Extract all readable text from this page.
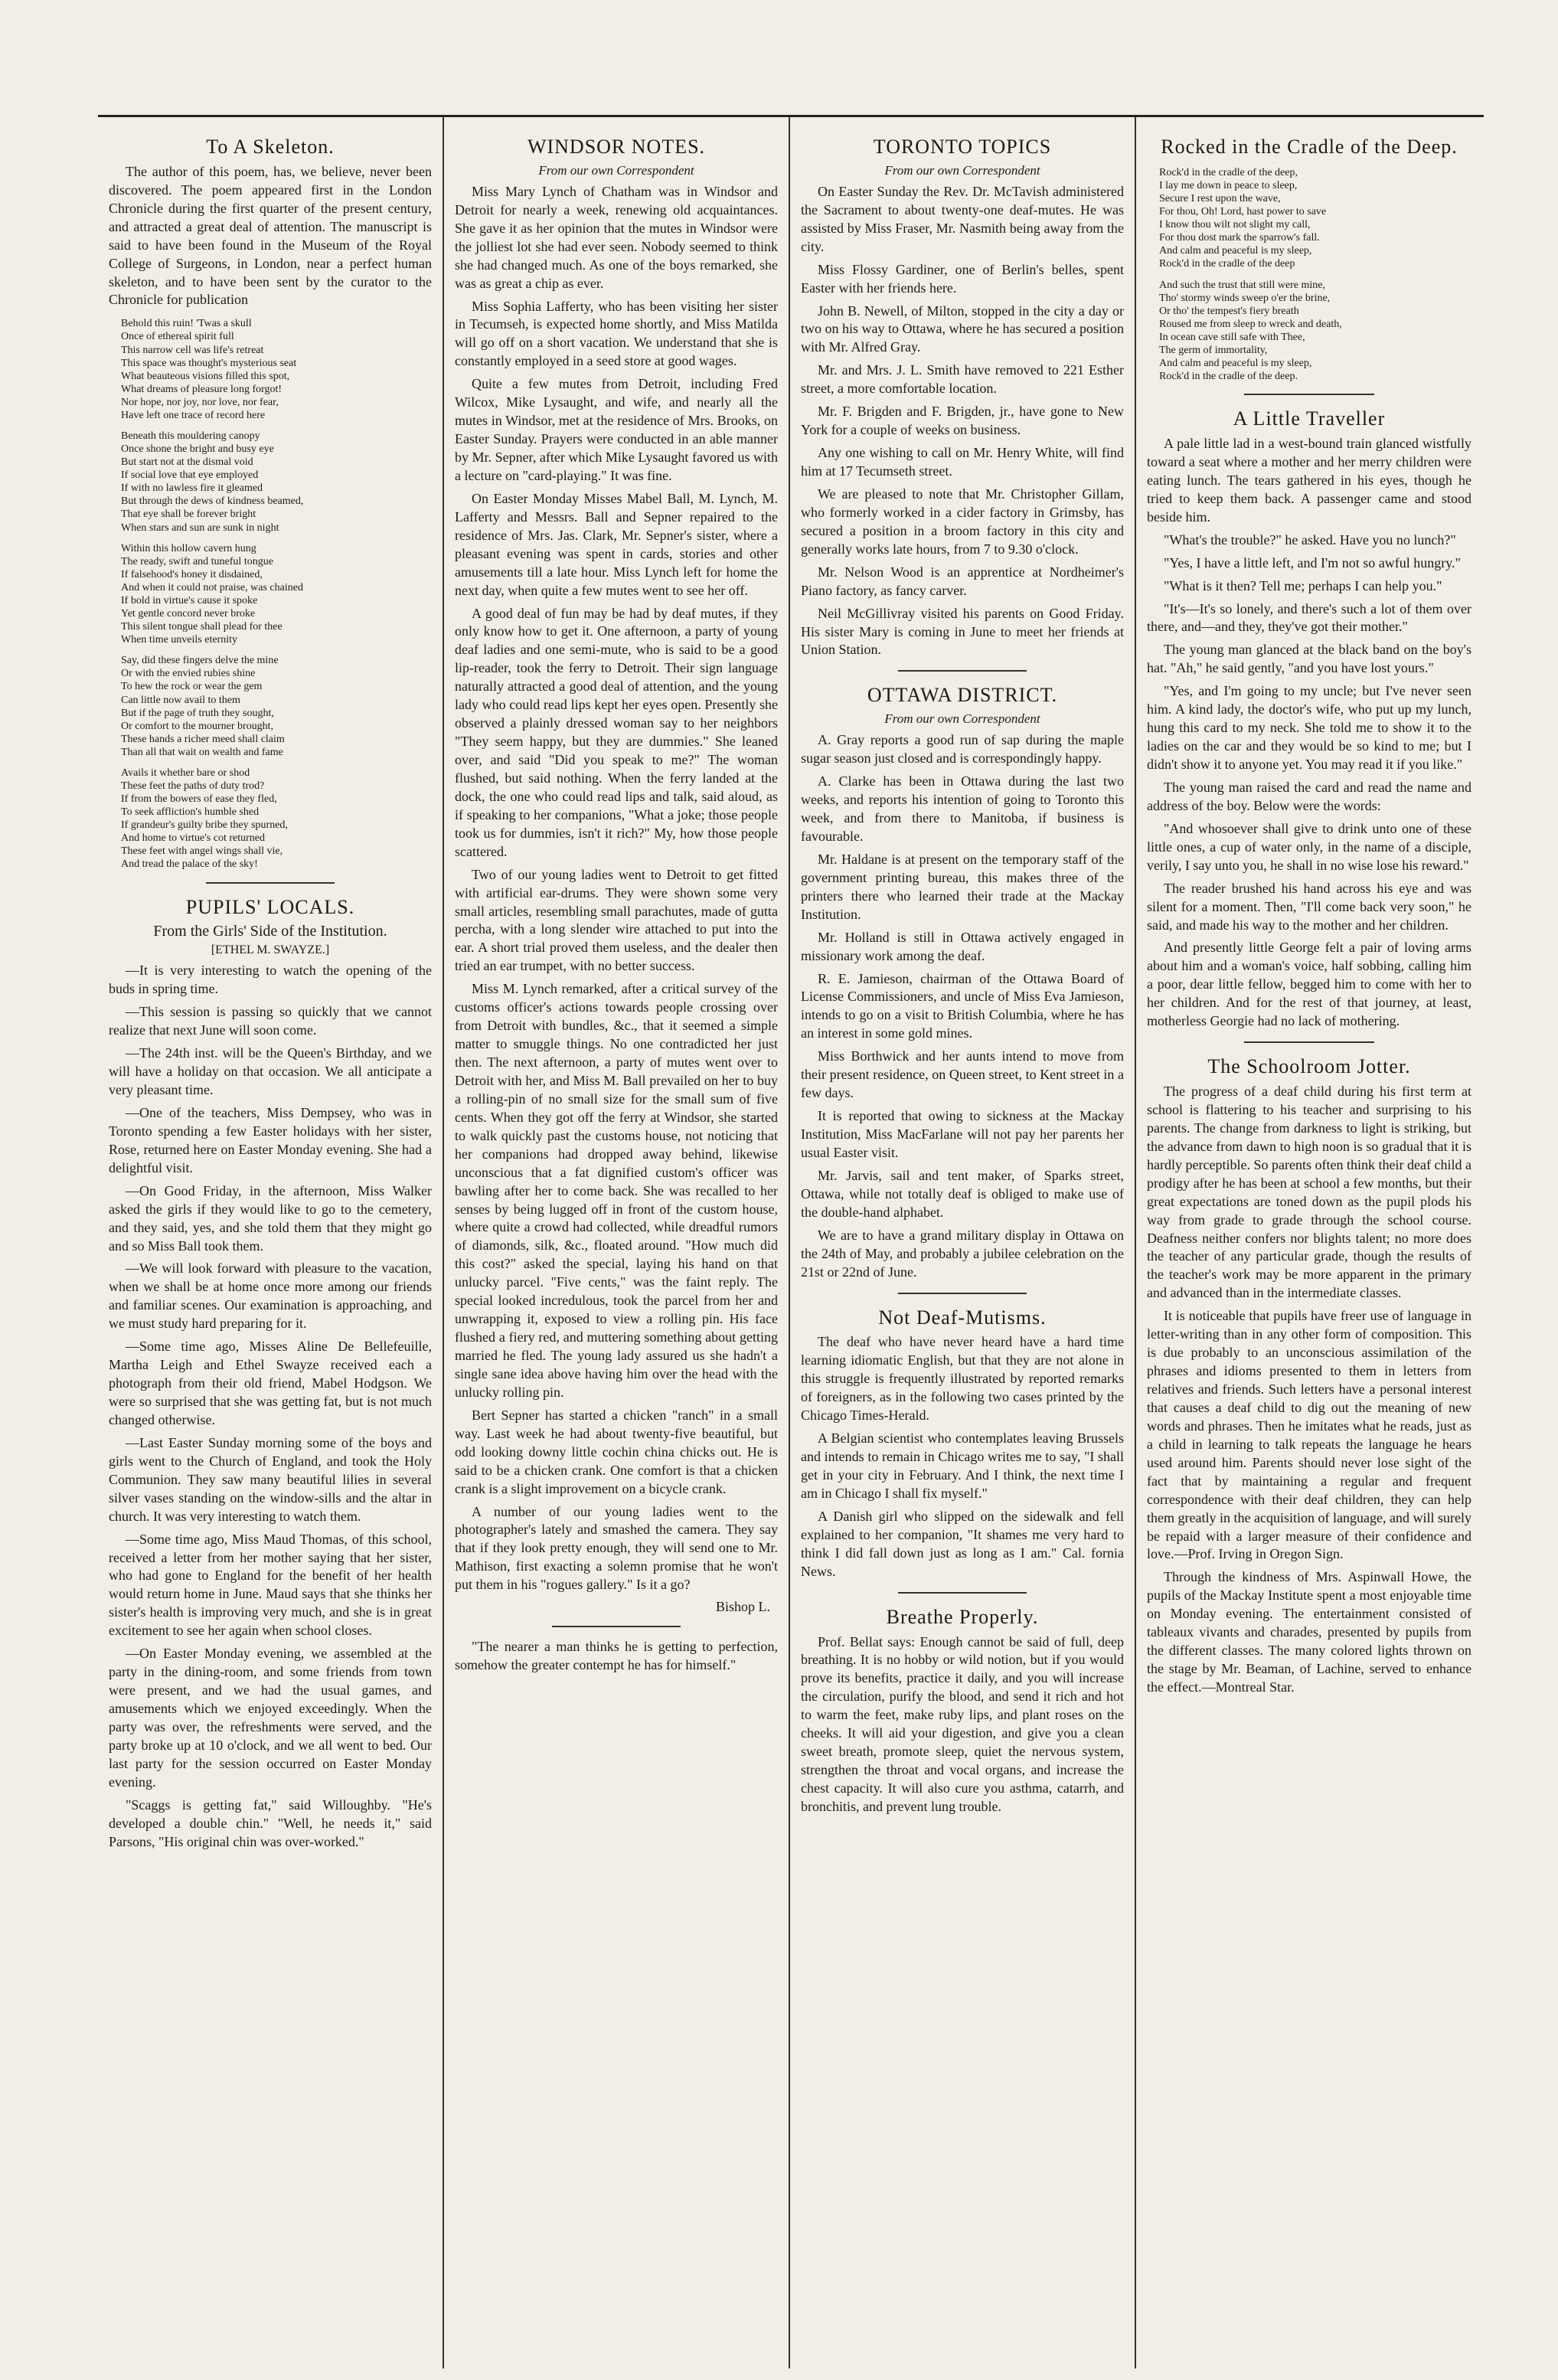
To A Skeleton.

The author of this poem, has, we believe, never been discovered. The poem appeared first in the London Chronicle during the first quarter of the present century, and attracted a great deal of attention. The manuscript is said to have been found in the Museum of the Royal College of Surgeons, in London, near a perfect human skeleton, and to have been sent by the curator to the Chronicle for publication

Behold this ruin! 'Twas a skull
Once of ethereal spirit full
This narrow cell was life's retreat
This space was thought's mysterious seat
What beauteous visions filled this spot,
What dreams of pleasure long forgot!
Nor hope, nor joy, nor love, nor fear,
Have left one trace of record here
Beneath this mouldering canopy
Once shone the bright and busy eye
But start not at the dismal void
If social love that eye employed
If with no lawless fire it gleamed
But through the dews of kindness beamed,
That eye shall be forever bright
When stars and sun are sunk in night
Within this hollow cavern hung
The ready, swift and tuneful tongue
If falsehood's honey it disdained,
And when it could not praise, was chained
If bold in virtue's cause it spoke
Yet gentle concord never broke
This silent tongue shall plead for thee
When time unveils eternity
Say, did these fingers delve the mine
Or with the envied rubies shine
To hew the rock or wear the gem
Can little now avail to them
But if the page of truth they sought,
Or comfort to the mourner brought,
These hands a richer meed shall claim
Than all that wait on wealth and fame
Avails it whether bare or shod
These feet the paths of duty trod?
If from the bowers of ease they fled,
To seek affliction's humble shed
If grandeur's guilty bribe they spurned,
And home to virtue's cot returned
These feet with angel wings shall vie,
And tread the palace of the sky!
PUPILS' LOCALS.
From the Girls' Side of the Institution.
[ETHEL M. SWAYZE.]

—It is very interesting to watch the opening of the buds in spring time.

—This session is passing so quickly that we cannot realize that next June will soon come.

—The 24th inst. will be the Queen's Birthday, and we will have a holiday on that occasion. We all anticipate a very pleasant time.

—One of the teachers, Miss Dempsey, who was in Toronto spending a few Easter holidays with her sister, Rose, returned here on Easter Monday evening. She had a delightful visit.

—On Good Friday, in the afternoon, Miss Walker asked the girls if they would like to go to the cemetery, and they said, yes, and she told them that they might go and so Miss Ball took them.

—We will look forward with pleasure to the vacation, when we shall be at home once more among our friends and familiar scenes. Our examination is approaching, and we must study hard preparing for it.

—Some time ago, Misses Aline De Bellefeuille, Martha Leigh and Ethel Swayze received each a photograph from their old friend, Mabel Hodgson. We were so surprised that she was getting fat, but is not much changed otherwise.

—Last Easter Sunday morning some of the boys and girls went to the Church of England, and took the Holy Communion. They saw many beautiful lilies in several silver vases standing on the window-sills and the altar in church. It was very interesting to watch them.

—Some time ago, Miss Maud Thomas, of this school, received a letter from her mother saying that her sister, who had gone to England for the benefit of her health would return home in June. Maud says that she thinks her sister's health is improving very much, and she is in great excitement to see her again when school closes.

—On Easter Monday evening, we assembled at the party in the dining-room, and some friends from town were present, and we had the usual games, and amusements which we enjoyed exceedingly. When the party was over, the refreshments were served, and the party broke up at 10 o'clock, and we all went to bed. Our last party for the session occurred on Easter Monday evening.

"Scaggs is getting fat," said Willoughby. "He's developed a double chin." "Well, he needs it," said Parsons, "His original chin was over-worked."

WINDSOR NOTES.
From our own Correspondent

Miss Mary Lynch of Chatham was in Windsor and Detroit for nearly a week, renewing old acquaintances. She gave it as her opinion that the mutes in Windsor were the jolliest lot she had ever seen. Nobody seemed to think she had changed much. As one of the boys remarked, she was as great a chip as ever.

Miss Sophia Lafferty, who has been visiting her sister in Tecumseh, is expected home shortly, and Miss Matilda will go off on a short vacation. We understand that she is constantly employed in a seed store at good wages.

Quite a few mutes from Detroit, including Fred Wilcox, Mike Lysaught, and wife, and nearly all the mutes in Windsor, met at the residence of Mrs. Brooks, on Easter Sunday. Prayers were conducted in an able manner by Mr. Sepner, after which Mike Lysaught favored us with a lecture on "card-playing." It was fine.

On Easter Monday Misses Mabel Ball, M. Lynch, M. Lafferty and Messrs. Ball and Sepner repaired to the residence of Mrs. Jas. Clark, Mr. Sepner's sister, where a pleasant evening was spent in cards, stories and other amusements till a late hour. Miss Lynch left for home the next day, when quite a few mutes went to see her off.

A good deal of fun may be had by deaf mutes, if they only know how to get it. One afternoon, a party of young deaf ladies and one semi-mute, who is said to be a good lip-reader, took the ferry to Detroit. Their sign language naturally attracted a good deal of attention, and the young lady who could read lips kept her eyes open. Presently she observed a plainly dressed woman say to her neighbors "They seem happy, but they are dummies." She leaned over, and said "Did you speak to me?" The woman flushed, but said nothing. When the ferry landed at the dock, the one who could read lips and talk, said aloud, as if speaking to her companions, "What a joke; those people took us for dummies, isn't it rich?" My, how those people scattered.

Two of our young ladies went to Detroit to get fitted with artificial ear-drums. They were shown some very small articles, resembling small parachutes, made of gutta percha, with a long slender wire attached to put into the ear. A short trial proved them useless, and the dealer then tried an ear trumpet, with no better success.

Miss M. Lynch remarked, after a critical survey of the customs officer's actions towards people crossing over from Detroit with bundles, &c., that it seemed a simple matter to smuggle things. No one contradicted her just then. The next afternoon, a party of mutes went over to Detroit with her, and Miss M. Ball prevailed on her to buy a rolling-pin of no small size for the small sum of five cents. When they got off the ferry at Windsor, she started to walk quickly past the customs house, not noticing that her companions had dropped away behind, likewise unconscious that a fat dignified custom's officer was bawling after her to come back. She was recalled to her senses by being lugged off in front of the custom house, where quite a crowd had collected, while dreadful rumors of diamonds, silk, &c., floated around. "How much did this cost?" asked the special, laying his hand on that unlucky parcel. "Five cents," was the faint reply. The special looked incredulous, took the parcel from her and unwrapping it, exposed to view a rolling pin. His face flushed a fiery red, and muttering something about getting married he fled. The young lady assured us she hadn't a single sane idea above having him over the head with the unlucky rolling pin.

Bert Sepner has started a chicken "ranch" in a small way. Last week he had about twenty-five beautiful, but odd looking downy little cochin china chicks out. He is said to be a chicken crank. One comfort is that a chicken crank is a slight improvement on a bicycle crank.

A number of our young ladies went to the photographer's lately and smashed the camera. They say that if they look pretty enough, they will send one to Mr. Mathison, first exacting a solemn promise that he won't put them in his "rogues gallery." Is it a go?

Bishop L.

"The nearer a man thinks he is getting to perfection, somehow the greater contempt he has for himself."

TORONTO TOPICS
From our own Correspondent

On Easter Sunday the Rev. Dr. McTavish administered the Sacrament to about twenty-one deaf-mutes. He was assisted by Miss Fraser, Mr. Nasmith being away from the city.

Miss Flossy Gardiner, one of Berlin's belles, spent Easter with her friends here.

John B. Newell, of Milton, stopped in the city a day or two on his way to Ottawa, where he has secured a position with Mr. Alfred Gray.

Mr. and Mrs. J. L. Smith have removed to 221 Esther street, a more comfortable location.

Mr. F. Brigden and F. Brigden, jr., have gone to New York for a couple of weeks on business.

Any one wishing to call on Mr. Henry White, will find him at 17 Tecumseth street.

We are pleased to note that Mr. Christopher Gillam, who formerly worked in a cider factory in Grimsby, has secured a position in a broom factory in this city and generally works late hours, from 7 to 9.30 o'clock.

Mr. Nelson Wood is an apprentice at Nordheimer's Piano factory, as fancy carver.

Neil McGillivray visited his parents on Good Friday. His sister Mary is coming in June to meet her friends at Union Station.

OTTAWA DISTRICT.
From our own Correspondent

A. Gray reports a good run of sap during the maple sugar season just closed and is correspondingly happy.

A. Clarke has been in Ottawa during the last two weeks, and reports his intention of going to Toronto this week, and from there to Manitoba, if business is favourable.

Mr. Haldane is at present on the temporary staff of the government printing bureau, this makes three of the printers there who learned their trade at the Mackay Institution.

Mr. Holland is still in Ottawa actively engaged in missionary work among the deaf.

R. E. Jamieson, chairman of the Ottawa Board of License Commissioners, and uncle of Miss Eva Jamieson, intends to go on a visit to British Columbia, where he has an interest in some gold mines.

Miss Borthwick and her aunts intend to move from their present residence, on Queen street, to Kent street in a few days.

It is reported that owing to sickness at the Mackay Institution, Miss MacFarlane will not pay her parents her usual Easter visit.

Mr. Jarvis, sail and tent maker, of Sparks street, Ottawa, while not totally deaf is obliged to make use of the double-hand alphabet.

We are to have a grand military display in Ottawa on the 24th of May, and probably a jubilee celebration on the 21st or 22nd of June.

Not Deaf-Mutisms.

The deaf who have never heard have a hard time learning idiomatic English, but that they are not alone in this struggle is frequently illustrated by reported remarks of foreigners, as in the following two cases printed by the Chicago Times-Herald.

A Belgian scientist who contemplates leaving Brussels and intends to remain in Chicago writes me to say, "I shall get in your city in February. And I think, the next time I am in Chicago I shall fix myself."

A Danish girl who slipped on the sidewalk and fell explained to her companion, "It shames me very hard to think I did fall down just as long as I am." Cal. fornia News.

Breathe Properly.

Prof. Bellat says: Enough cannot be said of full, deep breathing. It is no hobby or wild notion, but if you would prove its benefits, practice it daily, and you will increase the circulation, purify the blood, and send it rich and hot to warm the feet, make ruby lips, and plant roses on the cheeks. It will aid your digestion, and give you a clean sweet breath, promote sleep, quiet the nervous system, strengthen the throat and vocal organs, and increase the chest capacity. It will also cure you asthma, catarrh, and bronchitis, and prevent lung trouble.

Rocked in the Cradle of the Deep.
Rock'd in the cradle of the deep,
I lay me down in peace to sleep,
Secure I rest upon the wave,
For thou, Oh! Lord, hast power to save
I know thou wilt not slight my call,
For thou dost mark the sparrow's fall.
And calm and peaceful is my sleep,
Rock'd in the cradle of the deep
And such the trust that still were mine,
Tho' stormy winds sweep o'er the brine,
Or tho' the tempest's fiery breath
Roused me from sleep to wreck and death,
In ocean cave still safe with Thee,
The germ of immortality,
And calm and peaceful is my sleep,
Rock'd in the cradle of the deep.
A Little Traveller

A pale little lad in a west-bound train glanced wistfully toward a seat where a mother and her merry children were eating lunch. The tears gathered in his eyes, though he tried to keep them back. A passenger came and stood beside him.

"What's the trouble?" he asked. Have you no lunch?"

"Yes, I have a little left, and I'm not so awful hungry."

"What is it then? Tell me; perhaps I can help you."

"It's—It's so lonely, and there's such a lot of them over there, and—and they, they've got their mother."

The young man glanced at the black band on the boy's hat. "Ah," he said gently, "and you have lost yours."

"Yes, and I'm going to my uncle; but I've never seen him. A kind lady, the doctor's wife, who put up my lunch, hung this card to my neck. She told me to show it to the ladies on the car and they would be so kind to me; but I didn't show it to anyone yet. You may read it if you like."

The young man raised the card and read the name and address of the boy. Below were the words:

"And whosoever shall give to drink unto one of these little ones, a cup of water only, in the name of a disciple, verily, I say unto you, he shall in no wise lose his reward."

The reader brushed his hand across his eye and was silent for a moment. Then, "I'll come back very soon," he said, and made his way to the mother and her children.

And presently little George felt a pair of loving arms about him and a woman's voice, half sobbing, calling him a poor, dear little fellow, begged him to come with her to her children. And for the rest of that journey, at least, motherless Georgie had no lack of mothering.

The Schoolroom Jotter.

The progress of a deaf child during his first term at school is flattering to his teacher and surprising to his parents. The change from darkness to light is striking, but the advance from dawn to high noon is so gradual that it is hardly perceptible. So parents often think their deaf child a prodigy after he has been at school a few months, but their great expectations are toned down as the pupil plods his way from grade to grade through the school course. Deafness neither confers nor blights talent; no more does the teacher of any particular grade, though the results of the teacher's work may be more apparent in the primary and advanced than in the intermediate classes.

It is noticeable that pupils have freer use of language in letter-writing than in any other form of composition. This is due probably to an unconscious assimilation of the phrases and idioms presented to them in letters from relatives and friends. Such letters have a personal interest that causes a deaf child to dig out the meaning of new words and phrases. Then he imitates what he reads, just as a child in learning to talk repeats the language he hears used around him. Parents should never lose sight of the fact that by maintaining a regular and frequent correspondence with their deaf children, they can help them greatly in the acquisition of language, and will surely be repaid with a larger measure of their confidence and love.—Prof. Irving in Oregon Sign.

Through the kindness of Mrs. Aspinwall Howe, the pupils of the Mackay Institute spent a most enjoyable time on Monday evening. The entertainment consisted of tableaux vivants and charades, presented by pupils from the different classes. The many colored lights thrown on the stage by Mr. Beaman, of Lachine, served to enhance the effect.—Montreal Star.
